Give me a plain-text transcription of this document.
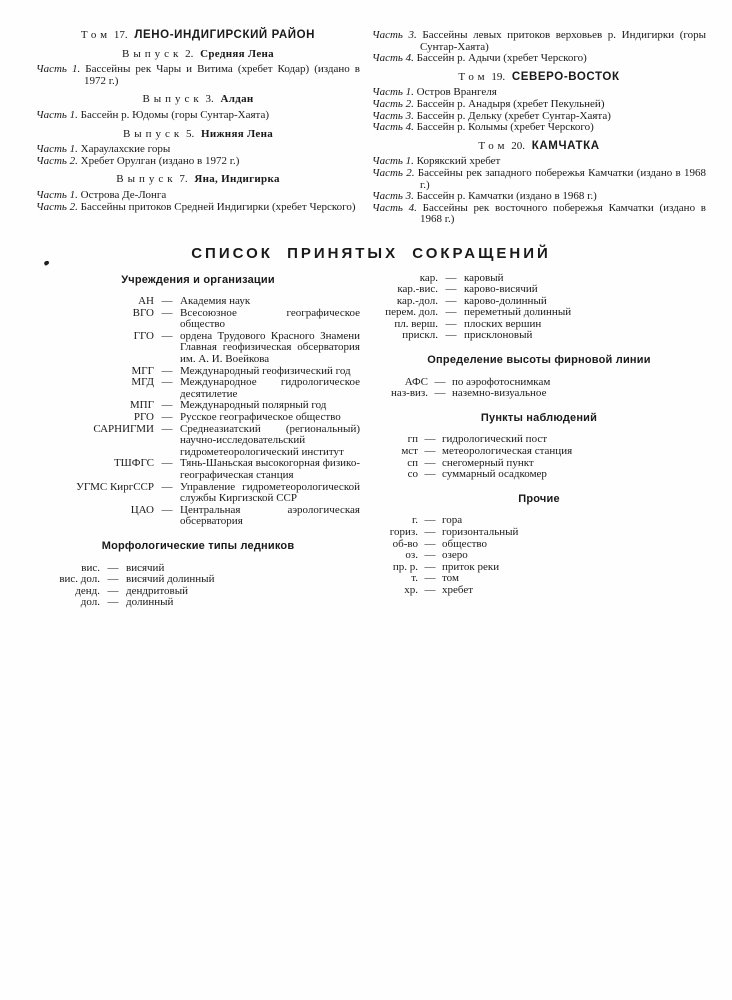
Том 17. ЛЕНО-ИНДИГИРСКИЙ РАЙОН

Выпуск 2. Средняя Лена

Часть 1. Бассейны рек Чары и Витима (хребет Кодар) (издано в 1972 г.)

Выпуск 3. Алдан

Часть 1. Бассейн р. Юдомы (горы Сунтар-Хаята)

Выпуск 5. Нижняя Лена

Часть 1. Хараулахские горы

Часть 2. Хребет Орулган (издано в 1972 г.)

Выпуск 7. Яна, Индигирка

Часть 1. Острова Де-Лонга

Часть 2. Бассейны притоков Средней Индигирки (хребет Черского)

Часть 3. Бассейны левых притоков верховьев р. Индигирки (горы Сунтар-Хаята)

Часть 4. Бассейн р. Адычи (хребет Черского)

Том 19. СЕВЕРО-ВОСТОК

Часть 1. Остров Врангеля

Часть 2. Бассейн р. Анадыря (хребет Пекульней)

Часть 3. Бассейн р. Дельку (хребет Сунтар-Хаята)

Часть 4. Бассейн р. Колымы (хребет Черского)

Том 20. КАМЧАТКА

Часть 1. Корякский хребет

Часть 2. Бассейны рек западного побережья Камчатки (издано в 1968 г.)

Часть 3. Бассейн р. Камчатки (издано в 1968 г.)

Часть 4. Бассейны рек восточного побережья Камчатки (издано в 1968 г.)

СПИСОК ПРИНЯТЫХ СОКРАЩЕНИЙ

Учреждения и организации

АН — Академия наук
ВГО — Всесоюзное географическое общество
ГГО — ордена Трудового Красного Знамени Главная геофизическая обсерватория им. А. И. Воейкова
МГГ — Международный геофизический год
МГД — Международное гидрологическое десятилетие
МПГ — Международный полярный год
РГО — Русское географическое общество
САРНИГМИ — Среднеазиатский (региональный) научно-исследовательский гидрометеорологический институт
ТШФГС — Тянь-Шаньская высокогорная физико-географическая станция
УГМС КиргССР — Управление гидрометеорологической службы Киргизской ССР
ЦАО — Центральная аэрологическая обсерватория

Морфологические типы ледников

вис. — висячий
вис. дол. — висячий долинный
денд. — дендритовый
дол. — долинный
кар. — каровый
кар.-вис. — карово-висячий
кар.-дол. — карово-долинный
перем. дол. — переметный долинный
пл. верш. — плоских вершин
прискл. — присклоновый

Определение высоты фирновой линии

АФС — по аэрофотоснимкам
наз-виз. — наземно-визуальное

Пункты наблюдений

гп — гидрологический пост
мст — метеорологическая станция
сп — снегомерный пункт
со — суммарный осадкомер

Прочие

г. — гора
гориз. — горизонтальный
об-во — общество
оз. — озеро
пр. р. — приток реки
т. — том
хр. — хребет
